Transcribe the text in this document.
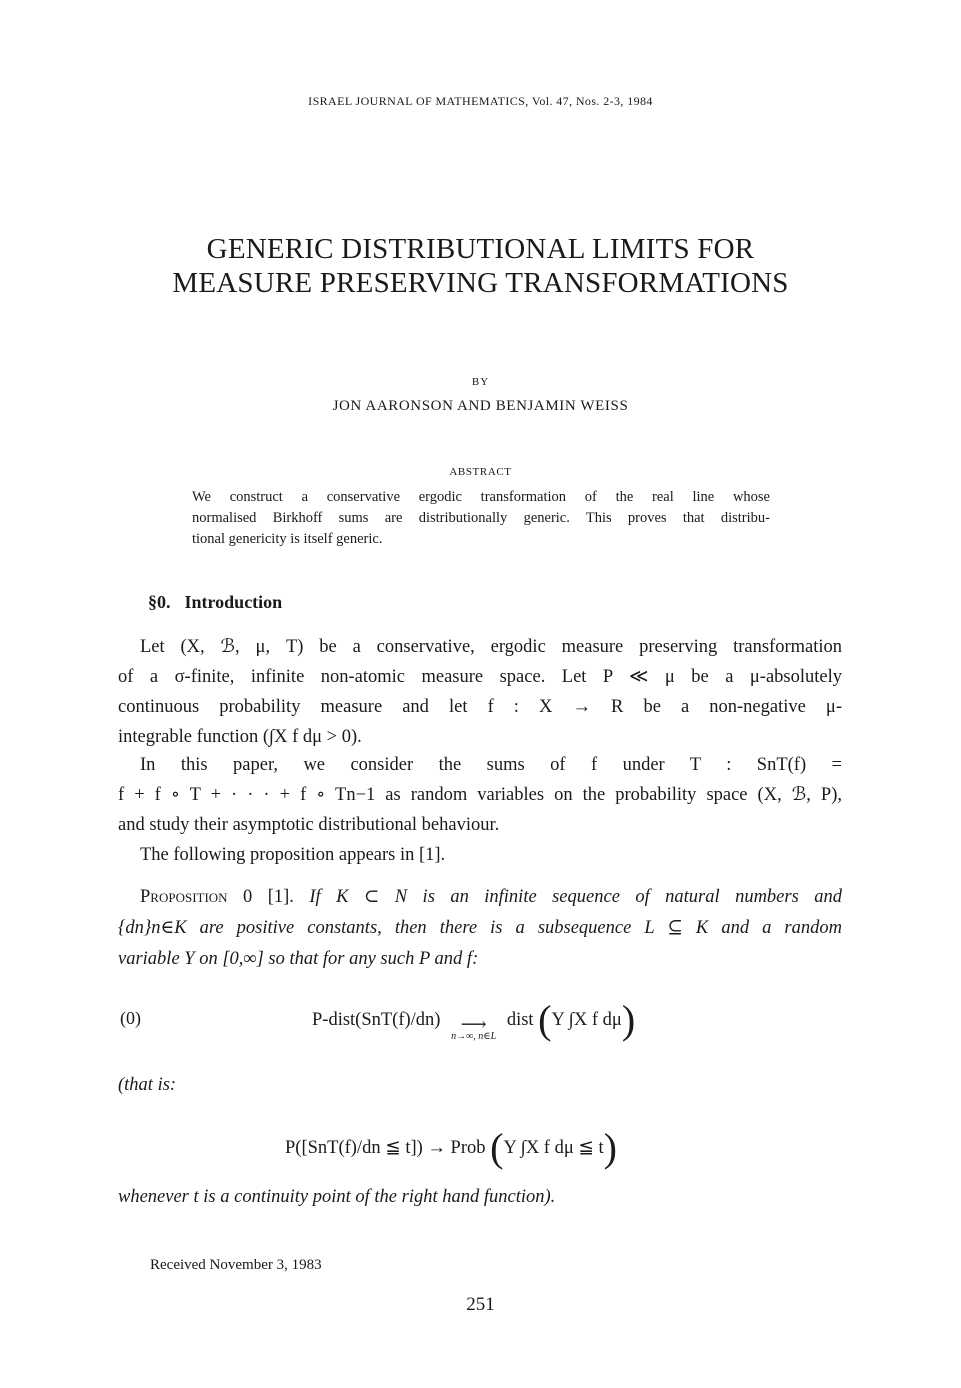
ISRAEL JOURNAL OF MATHEMATICS, Vol. 47, Nos. 2-3, 1984
GENERIC DISTRIBUTIONAL LIMITS FOR
MEASURE PRESERVING TRANSFORMATIONS
BY
JON AARONSON AND BENJAMIN WEISS
ABSTRACT
We construct a conservative ergodic transformation of the real line whose
normalised Birkhoff sums are distributionally generic. This proves that distribu-
tional genericity is itself generic.
§0. Introduction
Let (X, ℬ, μ, T) be a conservative, ergodic measure preserving transformation
of a σ-finite, infinite non-atomic measure space. Let P ≪ μ be a μ-absolutely
continuous probability measure and let f : X → R be a non-negative μ-
integrable function (∫X f dμ > 0).
In this paper, we consider the sums of f under T : SnT(f) =
f + f ∘ T + · · · + f ∘ Tn−1 as random variables on the probability space (X, ℬ, P),
and study their asymptotic distributional behaviour.
The following proposition appears in [1].
Proposition 0 [1]. If K ⊂ N is an infinite sequence of natural numbers and
{dn}n∈K are positive constants, then there is a subsequence L ⊆ K and a random
variable Y on [0,∞] so that for any such P and f:
(0)	P-dist(SnT(f)/dn)	⟶
n→∞, n∈L
dist (Y ∫X f dμ)
(that is:
P([SnT(f)/dn ≦ t]) → Prob (Y ∫X f dμ ≦ t)
whenever t is a continuity point of the right hand function).
Received November 3, 1983
251
